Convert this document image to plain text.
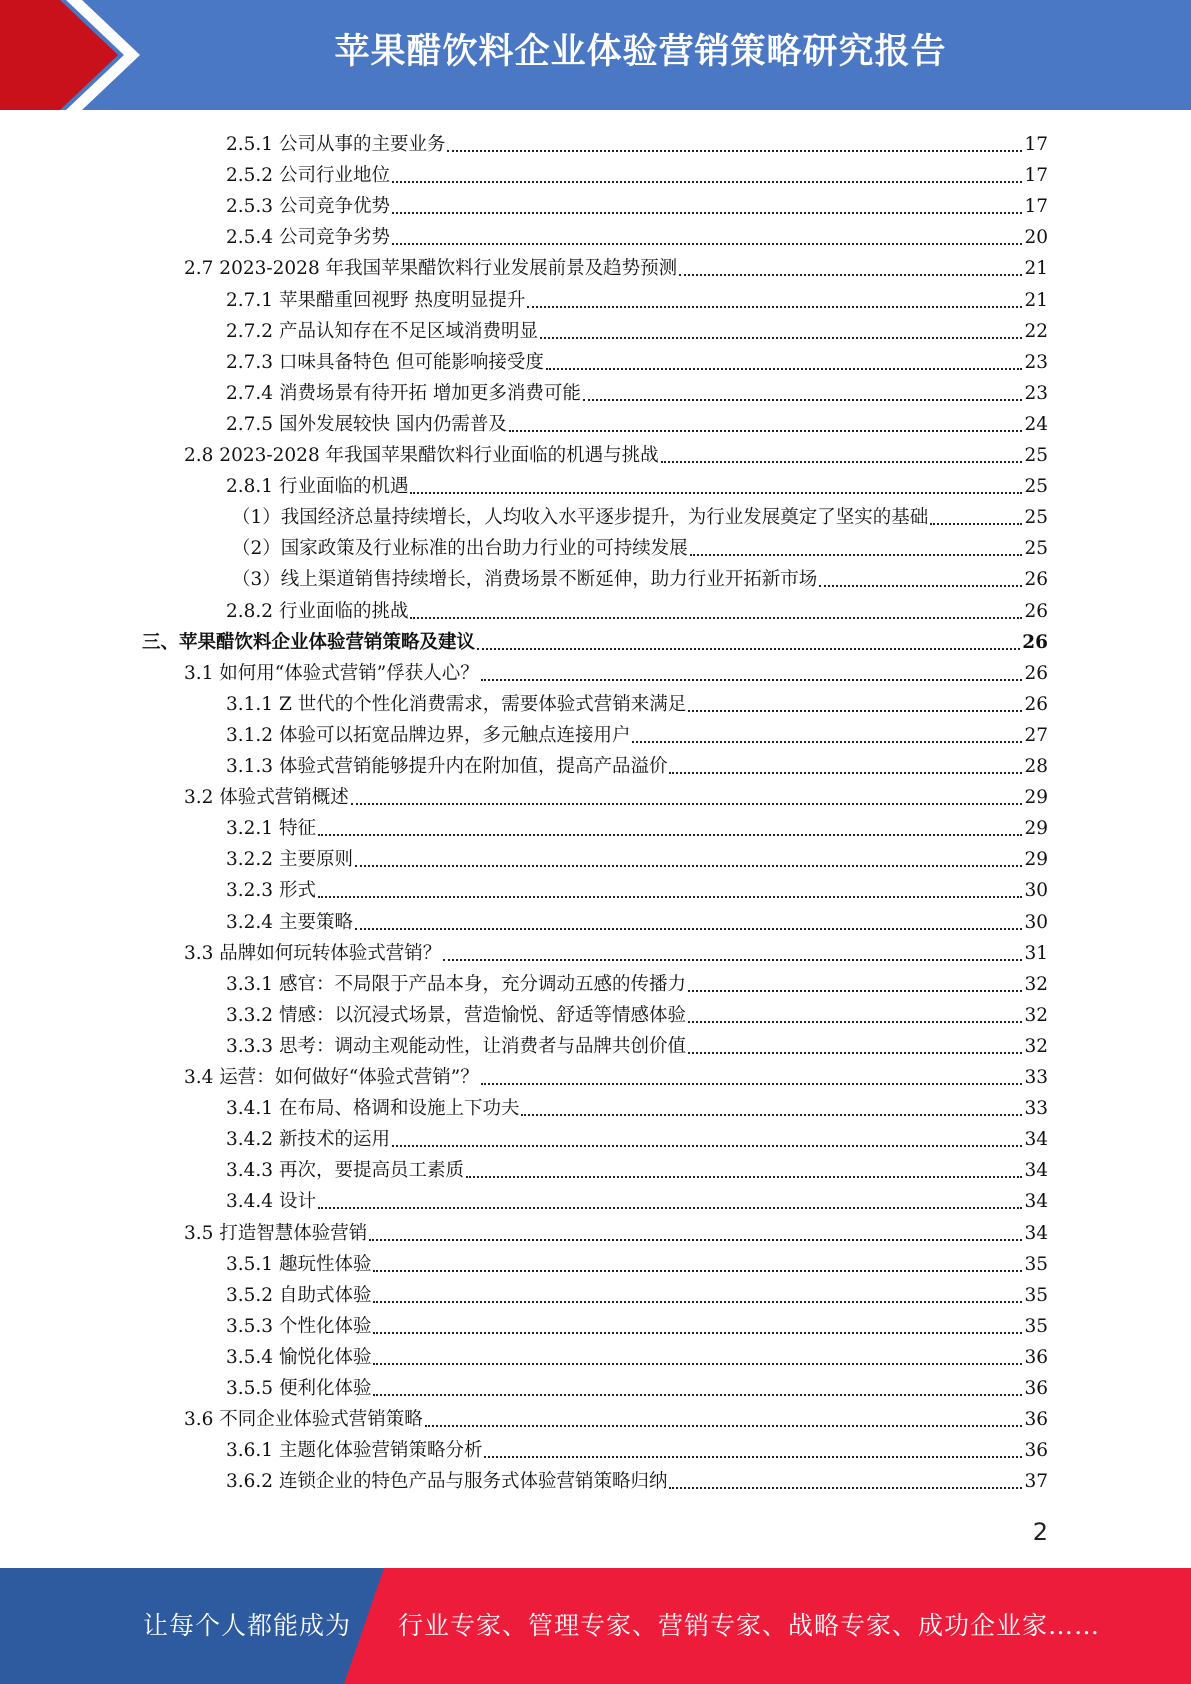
苹果醋饮料企业体验营销策略研究报告
2.5.1 公司从事的主要业务	17
2.5.2 公司行业地位	17
2.5.3 公司竞争优势	17
2.5.4 公司竞争劣势	20
2.7 2023-2028 年我国苹果醋饮料行业发展前景及趋势预测	21
2.7.1 苹果醋重回视野 热度明显提升	21
2.7.2 产品认知存在不足区域消费明显	22
2.7.3 口味具备特色 但可能影响接受度	23
2.7.4 消费场景有待开拓 增加更多消费可能	23
2.7.5 国外发展较快 国内仍需普及	24
2.8 2023-2028 年我国苹果醋饮料行业面临的机遇与挑战	25
2.8.1 行业面临的机遇	25
（1）我国经济总量持续增长，人均收入水平逐步提升，为行业发展奠定了坚实的基础	25
（2）国家政策及行业标准的出台助力行业的可持续发展	25
（3）线上渠道销售持续增长，消费场景不断延伸，助力行业开拓新市场	26
2.8.2 行业面临的挑战	26
三、苹果醋饮料企业体验营销策略及建议	26
3.1 如何用“体验式营销”俘获人心？	26
3.1.1 Z 世代的个性化消费需求，需要体验式营销来满足	26
3.1.2 体验可以拓宽品牌边界，多元触点连接用户	27
3.1.3 体验式营销能够提升内在附加值，提高产品溢价	28
3.2 体验式营销概述	29
3.2.1 特征	29
3.2.2 主要原则	29
3.2.3 形式	30
3.2.4 主要策略	30
3.3 品牌如何玩转体验式营销？	31
3.3.1 感官：不局限于产品本身，充分调动五感的传播力	32
3.3.2 情感：以沉浸式场景，营造愉悦、舒适等情感体验	32
3.3.3 思考：调动主观能动性，让消费者与品牌共创价值	32
3.4 运营：如何做好“体验式营销”？	33
3.4.1 在布局、格调和设施上下功夫	33
3.4.2 新技术的运用	34
3.4.3 再次，要提高员工素质	34
3.4.4 设计	34
3.5 打造智慧体验营销	34
3.5.1 趣玩性体验	35
3.5.2 自助式体验	35
3.5.3 个性化体验	35
3.5.4 愉悦化体验	36
3.5.5 便利化体验	36
3.6 不同企业体验式营销策略	36
3.6.1 主题化体验营销策略分析	36
3.6.2 连锁企业的特色产品与服务式体验营销策略归纳	37
2
让每个人都能成为 行业专家、管理专家、营销专家、战略专家、成功企业家……
